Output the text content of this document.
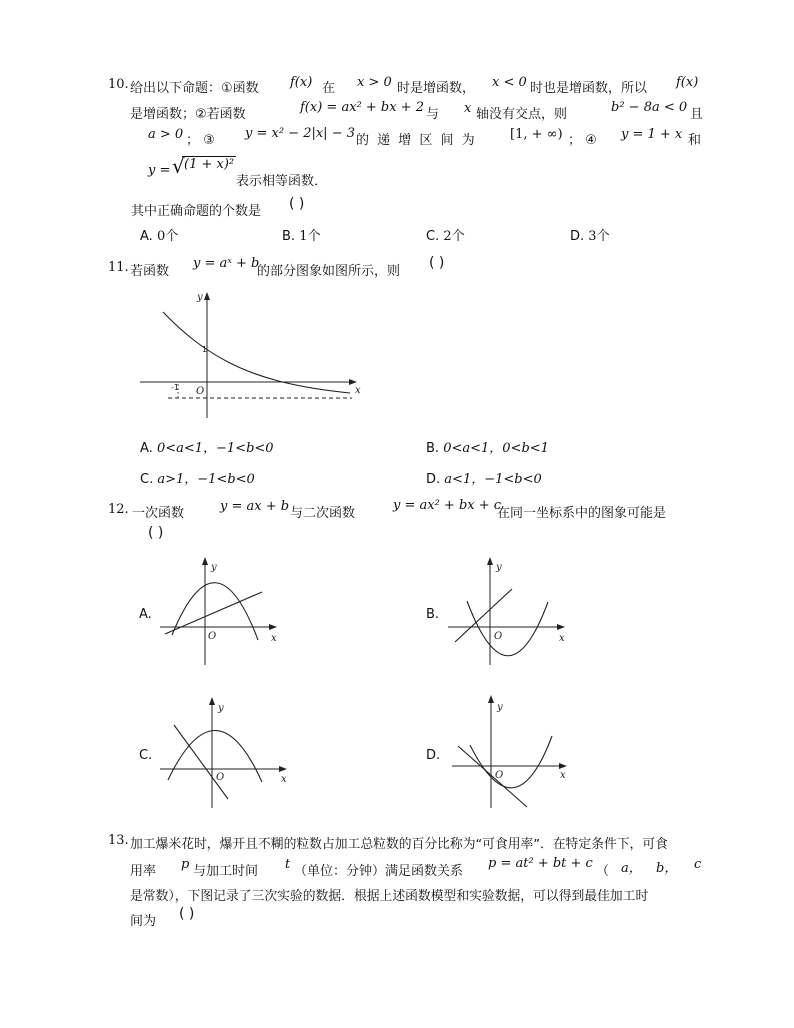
10. 给出以下命题：①函数 f(x) 在 x > 0 时是增函数， x < 0 时也是增函数，所以 f(x)
是增函数；②若函数	f(x) = ax² + bx + 2 与 x 轴没有交点，则	b² − 8a < 0 且
a > 0 ； ③ y = x² − 2|x| − 3 的 递 增 区 间 为	[1, + ∞) ； ④ y = 1 + x 和
y = √ (1 + x)²
表示相等函数．
其中正确命题的个数是 ( )
A. 0个	B. 1个	C. 2个	D. 3个
11. 若函数
y = aˣ + b
的部分图象如图所示，则
( )
y
x
O
1
-1
A. 0<a<1，−1<b<0	B. 0<a<1，0<b<1
C. a>1，−1<b<0	D. a<1，−1<b<0
12. 一次函数	y = ax + b 与二次函数
y = ax² + bx + c
在同一坐标系中的图象可能是
( )
A.	B.
C.	D.
y
x
O
y
x
O
y
x
O
y
x
O
13. 加工爆米花时，爆开且不糊的粒数占加工总粒数的百分比称为“可食用率”．在特定条件下，可食
用率 p 与加工时间 t （单位：分钟）满足函数关系
p = at² + bt + c
（ a， b， c
是常数），下图记录了三次实验的数据．根据上述函数模型和实验数据，可以得到最佳加工时
间为 ( )
